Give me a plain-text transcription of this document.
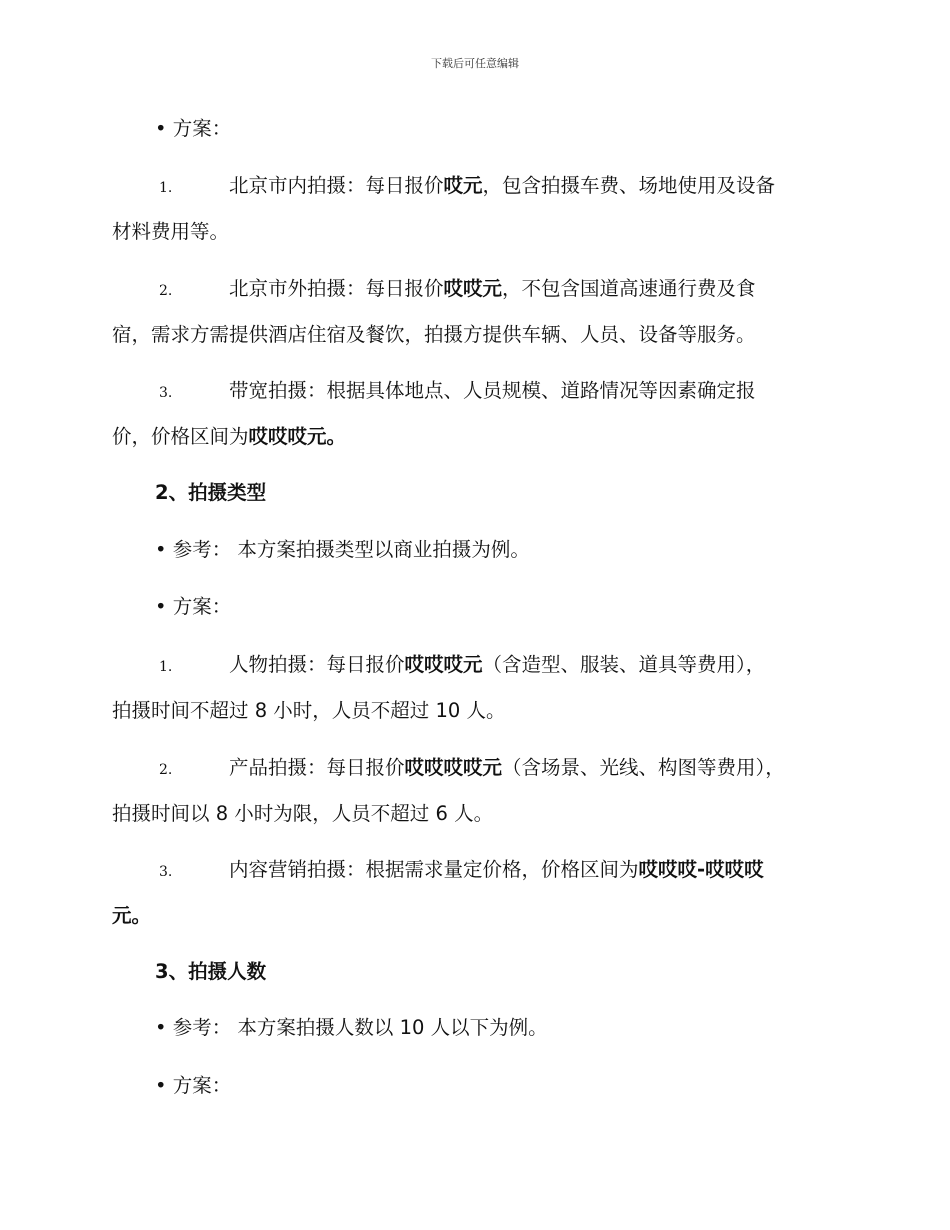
下载后可任意编辑
• 方案：
1.	北京市内拍摄：每日报价哎元，包含拍摄车费、场地使用及设备
材料费用等。
2.	北京市外拍摄：每日报价哎哎元，不包含国道高速通行费及食
宿，需求方需提供酒店住宿及餐饮，拍摄方提供车辆、人员、设备等服务。
3.	带宽拍摄：根据具体地点、人员规模、道路情况等因素确定报
价，价格区间为哎哎哎元。
2、拍摄类型
• 参考： 本方案拍摄类型以商业拍摄为例。
• 方案：
1.	人物拍摄：每日报价哎哎哎元（含造型、服装、道具等费用），
拍摄时间不超过 8 小时，人员不超过 10 人。
2.	产品拍摄：每日报价哎哎哎哎元（含场景、光线、构图等费用），
拍摄时间以 8 小时为限，人员不超过 6 人。
3.	内容营销拍摄：根据需求量定价格，价格区间为哎哎哎-哎哎哎
元。
3、拍摄人数
• 参考： 本方案拍摄人数以 10 人以下为例。
• 方案：
